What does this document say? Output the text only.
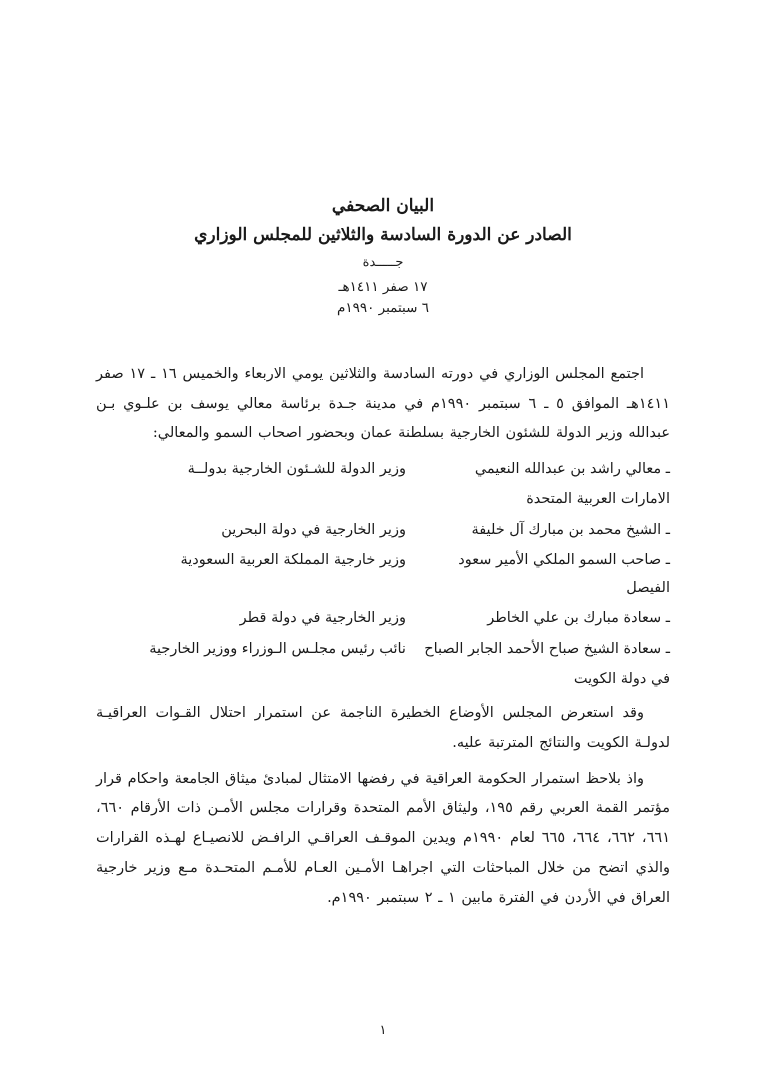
البيان الصحفي
الصادر عن الدورة السادسة والثلاثين للمجلس الوزاري
جـــــدة
١٧ صفر ١٤١١هـ
٦ سبتمبر ١٩٩٠م

اجتمع المجلس الوزاري في دورته السادسة والثلاثين يومي الاربعاء والخميس ١٦ ـ ١٧ صفر ١٤١١هـ الموافق ٥ ـ ٦ سبتمبر ١٩٩٠م في مدينة جـدة برئاسة معالي يوسف بن علـوي بـن عبدالله وزير الدولة للشئون الخارجية بسلطنة عمان وبحضور اصحاب السمو والمعالي:

ـ معالي راشد بن عبدالله النعيمي
وزير الدولة للشـئون الخارجية بدولــة
الامارات العربية المتحدة
ـ الشيخ محمد بن مبارك آل خليفة
وزير الخارجية في دولة البحرين
ـ صاحب السمو الملكي الأمير سعود الفيصل
وزير خارجية المملكة العربية السعودية
ـ سعادة مبارك بن علي الخاطر
وزير الخارجية في دولة قطر
ـ سعادة الشيخ صباح الأحمد الجابر الصباح
نائب رئيس مجلـس الـوزراء ووزير الخارجية
في دولة الكويت

وقد استعرض المجلس الأوضاع الخطيرة الناجمة عن استمرار احتلال القـوات العراقيـة لدولـة الكويت والنتائج المترتبة عليه.

واذ بلاحظ استمرار الحكومة العراقية في رفضها الامتثال لمبادئ ميثاق الجامعة واحكام قرار مؤتمر القمة العربي رقم ١٩٥، وليثاق الأمم المتحدة وقرارات مجلس الأمـن ذات الأرقام ٦٦٠، ٦٦١، ٦٦٢، ٦٦٤، ٦٦٥ لعام ١٩٩٠م ويدين الموقـف العراقـي الرافـض للانصيـاع لهـذه القرارات والذي اتضح من خلال المباحثات التي اجراهـا الأمـين العـام للأمـم المتحـدة مـع وزير خارجية العراق في الأردن في الفترة مابين ١ ـ ٢ سبتمبر ١٩٩٠م.

١
